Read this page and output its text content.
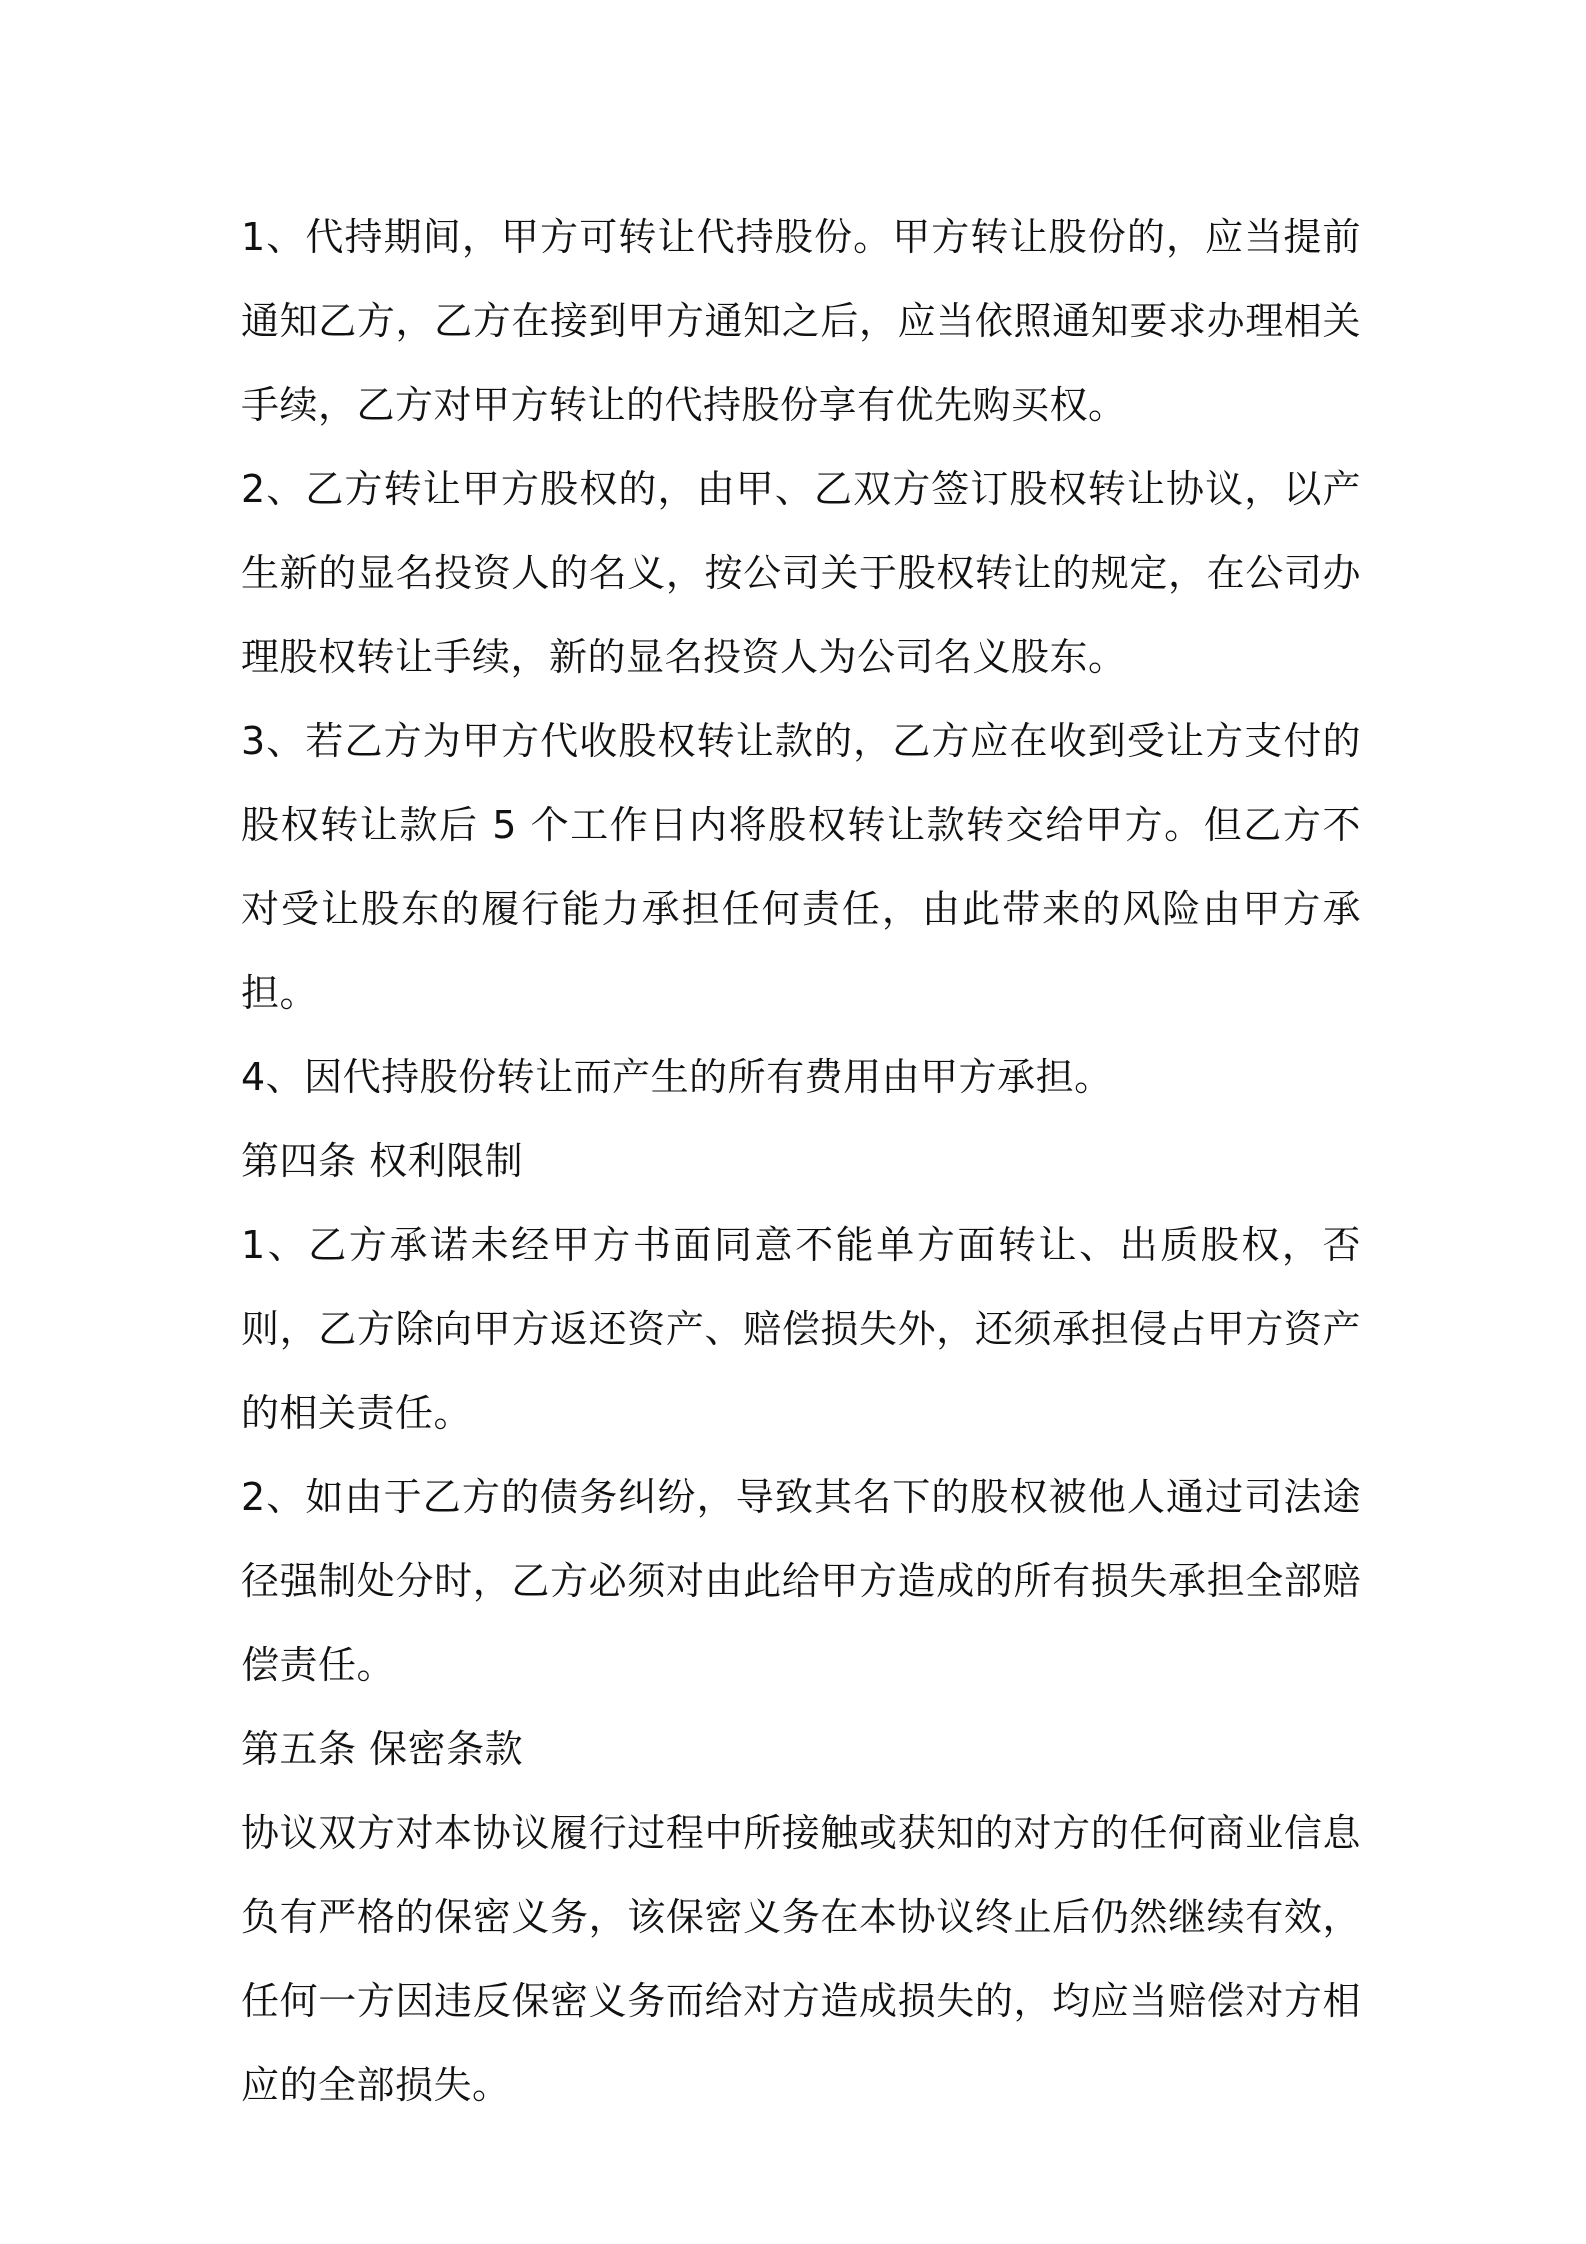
1、代持期间，甲方可转让代持股份。甲方转让股份的，应当提前通知乙方，乙方在接到甲方通知之后，应当依照通知要求办理相关手续，乙方对甲方转让的代持股份享有优先购买权。

2、乙方转让甲方股权的，由甲、乙双方签订股权转让协议，以产生新的显名投资人的名义，按公司关于股权转让的规定，在公司办理股权转让手续，新的显名投资人为公司名义股东。

3、若乙方为甲方代收股权转让款的，乙方应在收到受让方支付的股权转让款后 5 个工作日内将股权转让款转交给甲方。但乙方不对受让股东的履行能力承担任何责任，由此带来的风险由甲方承担。

4、因代持股份转让而产生的所有费用由甲方承担。

第四条 权利限制

1、乙方承诺未经甲方书面同意不能单方面转让、出质股权，否则，乙方除向甲方返还资产、赔偿损失外，还须承担侵占甲方资产的相关责任。

2、如由于乙方的债务纠纷，导致其名下的股权被他人通过司法途径强制处分时，乙方必须对由此给甲方造成的所有损失承担全部赔偿责任。

第五条 保密条款

协议双方对本协议履行过程中所接触或获知的对方的任何商业信息负有严格的保密义务，该保密义务在本协议终止后仍然继续有效，任何一方因违反保密义务而给对方造成损失的，均应当赔偿对方相应的全部损失。
